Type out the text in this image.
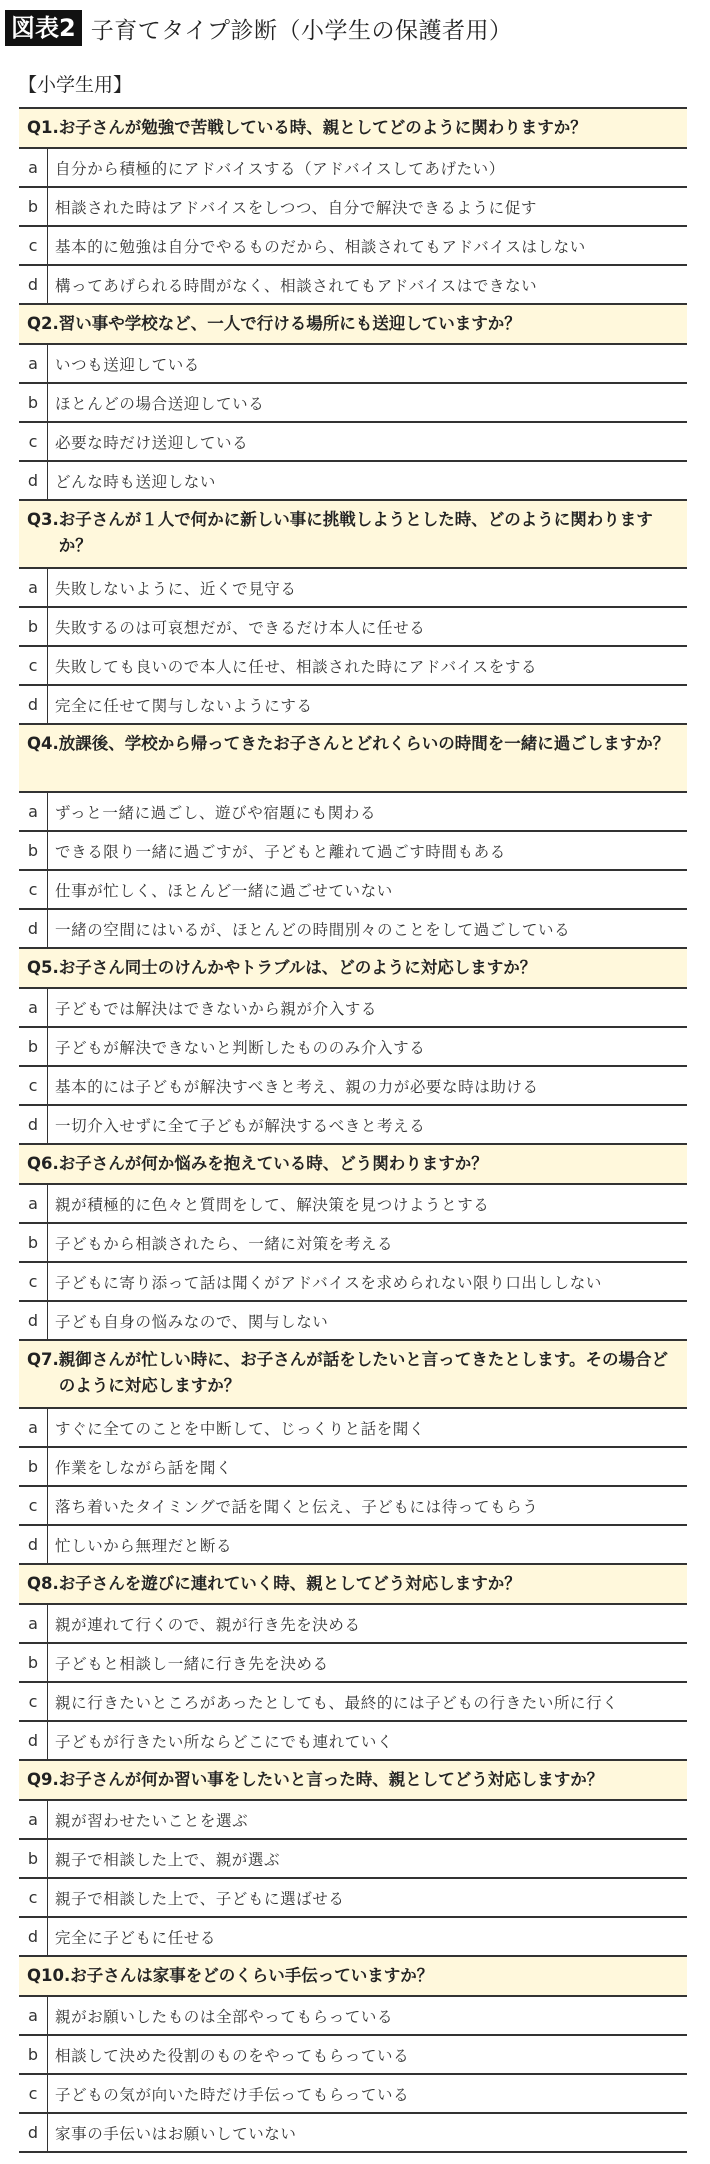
図表2 子育てタイプ診断（小学生の保護者用）
【小学生用】
Q1. お子さんが勉強で苦戦している時、親としてどのように関わりますか？
a	自分から積極的にアドバイスする（アドバイスしてあげたい）
b	相談された時はアドバイスをしつつ、自分で解決できるように促す
c	基本的に勉強は自分でやるものだから、相談されてもアドバイスはしない
d	構ってあげられる時間がなく、相談されてもアドバイスはできない
Q2. 習い事や学校など、一人で行ける場所にも送迎していますか？
a	いつも送迎している
b	ほとんどの場合送迎している
c	必要な時だけ送迎している
d	どんな時も送迎しない
Q3. お子さんが１人で何かに新しい事に挑戦しようとした時、どのように関わりますか？
a	失敗しないように、近くで見守る
b	失敗するのは可哀想だが、できるだけ本人に任せる
c	失敗しても良いので本人に任せ、相談された時にアドバイスをする
d	完全に任せて関与しないようにする
Q4. 放課後、学校から帰ってきたお子さんとどれくらいの時間を一緒に過ごしますか？
a	ずっと一緒に過ごし、遊びや宿題にも関わる
b	できる限り一緒に過ごすが、子どもと離れて過ごす時間もある
c	仕事が忙しく、ほとんど一緒に過ごせていない
d	一緒の空間にはいるが、ほとんどの時間別々のことをして過ごしている
Q5. お子さん同士のけんかやトラブルは、どのように対応しますか？
a	子どもでは解決はできないから親が介入する
b	子どもが解決できないと判断したもののみ介入する
c	基本的には子どもが解決すべきと考え、親の力が必要な時は助ける
d	一切介入せずに全て子どもが解決するべきと考える
Q6. お子さんが何か悩みを抱えている時、どう関わりますか？
a	親が積極的に色々と質問をして、解決策を見つけようとする
b	子どもから相談されたら、一緒に対策を考える
c	子どもに寄り添って話は聞くがアドバイスを求められない限り口出ししない
d	子ども自身の悩みなので、関与しない
Q7. 親御さんが忙しい時に、お子さんが話をしたいと言ってきたとします。その場合どのように対応しますか？
a	すぐに全てのことを中断して、じっくりと話を聞く
b	作業をしながら話を聞く
c	落ち着いたタイミングで話を聞くと伝え、子どもには待ってもらう
d	忙しいから無理だと断る
Q8. お子さんを遊びに連れていく時、親としてどう対応しますか？
a	親が連れて行くので、親が行き先を決める
b	子どもと相談し一緒に行き先を決める
c	親に行きたいところがあったとしても、最終的には子どもの行きたい所に行く
d	子どもが行きたい所ならどこにでも連れていく
Q9. お子さんが何か習い事をしたいと言った時、親としてどう対応しますか？
a	親が習わせたいことを選ぶ
b	親子で相談した上で、親が選ぶ
c	親子で相談した上で、子どもに選ばせる
d	完全に子どもに任せる
Q10. お子さんは家事をどのくらい手伝っていますか？
a	親がお願いしたものは全部やってもらっている
b	相談して決めた役割のものをやってもらっている
c	子どもの気が向いた時だけ手伝ってもらっている
d	家事の手伝いはお願いしていない
